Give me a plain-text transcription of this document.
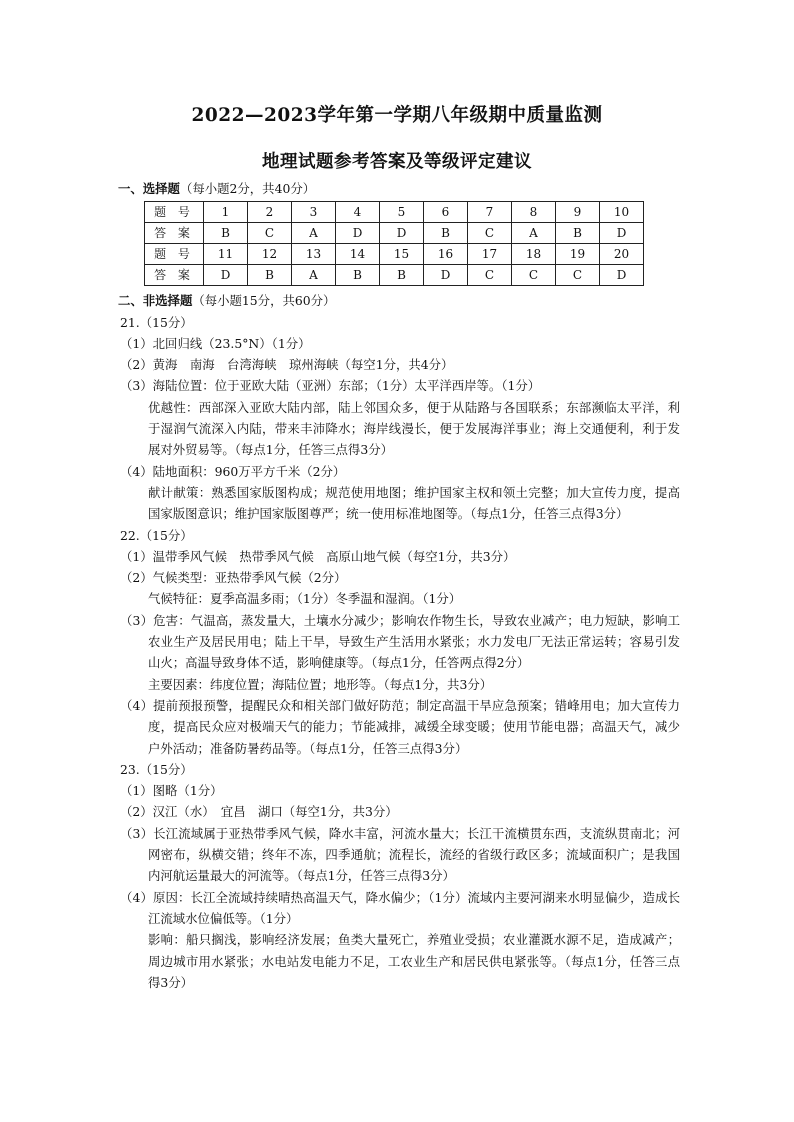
2022—2023学年第一学期八年级期中质量监测
地理试题参考答案及等级评定建议
一、选择题（每小题2分，共40分）
题 号	1	2	3	4	5	6	7	8	9	10
答 案	B	C	A	D	D	B	C	A	B	D
题 号	11	12	13	14	15	16	17	18	19	20
答 案	D	B	A	B	B	D	C	C	C	D
二、非选择题（每小题15分，共60分）
21.（15分）
（1）北回归线（23.5°N）（1分）
（2）黄海　南海　台湾海峡　琼州海峡（每空1分，共4分）
（3）海陆位置：位于亚欧大陆（亚洲）东部；（1分）太平洋西岸等。（1分）
优越性：西部深入亚欧大陆内部，陆上邻国众多，便于从陆路与各国联系；东部濒临太平洋，利于湿润气流深入内陆，带来丰沛降水；海岸线漫长，便于发展海洋事业；海上交通便利，利于发展对外贸易等。（每点1分，任答三点得3分）
（4）陆地面积：960万平方千米（2分）
献计献策：熟悉国家版图构成；规范使用地图；维护国家主权和领土完整；加大宣传力度，提高国家版图意识；维护国家版图尊严；统一使用标准地图等。（每点1分，任答三点得3分）
22.（15分）
（1）温带季风气候　热带季风气候　高原山地气候（每空1分，共3分）
（2）气候类型：亚热带季风气候（2分）
气候特征：夏季高温多雨；（1分）冬季温和湿润。（1分）
（3）危害：气温高，蒸发量大，土壤水分减少；影响农作物生长，导致农业减产；电力短缺，影响工农业生产及居民用电；陆上干旱，导致生产生活用水紧张；水力发电厂无法正常运转；容易引发山火；高温导致身体不适，影响健康等。（每点1分，任答两点得2分）
主要因素：纬度位置；海陆位置；地形等。（每点1分，共3分）
（4）提前预报预警，提醒民众和相关部门做好防范；制定高温干旱应急预案；错峰用电；加大宣传力度，提高民众应对极端天气的能力；节能减排，减缓全球变暖；使用节能电器；高温天气，减少户外活动；准备防暑药品等。（每点1分，任答三点得3分）
23.（15分）
（1）图略（1分）
（2）汉江（水）　宜昌　湖口（每空1分，共3分）
（3）长江流域属于亚热带季风气候，降水丰富，河流水量大；长江干流横贯东西，支流纵贯南北；河网密布，纵横交错；终年不冻，四季通航；流程长，流经的省级行政区多；流域面积广；是我国内河航运量最大的河流等。（每点1分，任答三点得3分）
（4）原因：长江全流域持续晴热高温天气，降水偏少；（1分）流域内主要河湖来水明显偏少，造成长江流域水位偏低等。（1分）
影响：船只搁浅，影响经济发展；鱼类大量死亡，养殖业受损；农业灌溉水源不足，造成减产；周边城市用水紧张；水电站发电能力不足，工农业生产和居民供电紧张等。（每点1分，任答三点得3分）
